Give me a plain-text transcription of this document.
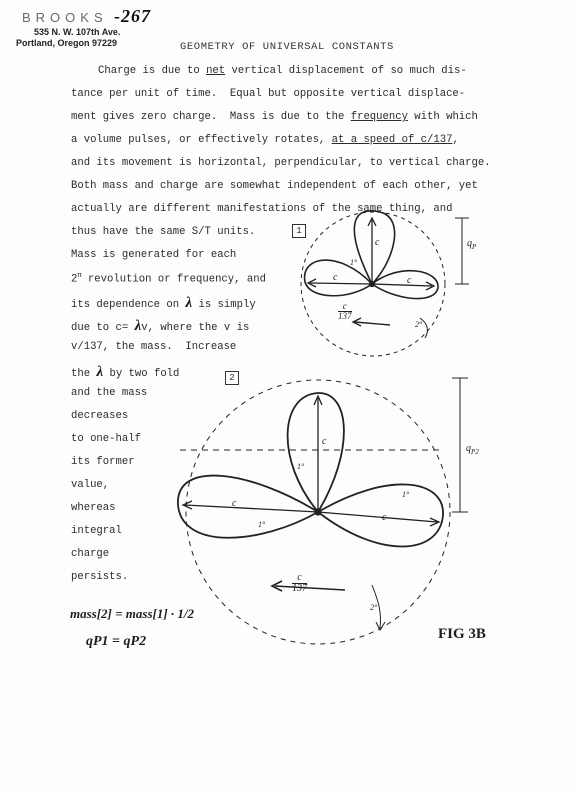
BROOKS -267
535 N. W. 107th Ave.
Portland, Oregon 97229	GEOMETRY OF UNIVERSAL CONSTANTS
Charge is due to net vertical displacement of so much dis-
tance per unit of time.  Equal but opposite vertical displace-
ment gives zero charge.  Mass is due to the frequency with which
a volume pulses, or effectively rotates, at a speed of c/137,
and its movement is horizontal, perpendicular, to vertical charge.
Both mass and charge are somewhat independent of each other, yet
actually are different manifestations of the same thing, and
thus have the same S/T units.
Mass is generated for each
$2^\pi$ revolution or frequency, and
its dependence on λ is simply
due to c= λv, where the v is
v/137, the mass.  Increase
the λ by two fold
and the mass
decreases
to one-half
its former
value,
whereas
integral
charge
persists.
1
c
c	c
$q_P$
1°
2°
c
137
2
c
c
c
$q_{P2}$
1°
1°
1°
2°
c
137
mass[2] = mass[1] · 1/2
qP1 = qP2	FIG 3B
